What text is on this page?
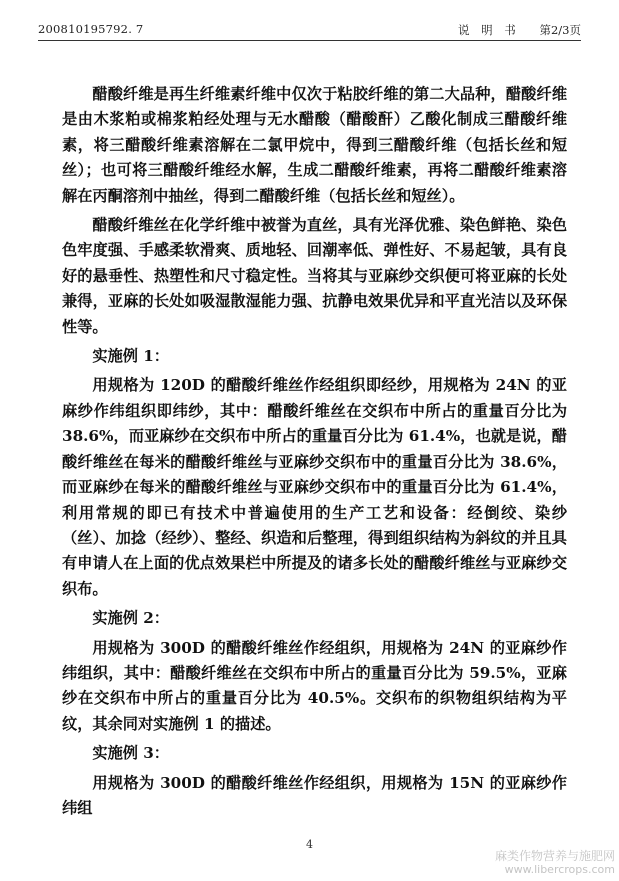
200810195792. 7	说 明 书 第2/3页

醋酸纤维是再生纤维素纤维中仅次于粘胶纤维的第二大品种，醋酸纤维是由木浆粕或棉浆粕经处理与无水醋酸（醋酸酐）乙酸化制成三醋酸纤维素，将三醋酸纤维素溶解在二氯甲烷中，得到三醋酸纤维（包括长丝和短丝）；也可将三醋酸纤维经水解，生成二醋酸纤维素，再将二醋酸纤维素溶解在丙酮溶剂中抽丝，得到二醋酸纤维（包括长丝和短丝）。

醋酸纤维丝在化学纤维中被誉为直丝，具有光泽优雅、染色鲜艳、染色色牢度强、手感柔软滑爽、质地轻、回潮率低、弹性好、不易起皱，具有良好的悬垂性、热塑性和尺寸稳定性。当将其与亚麻纱交织便可将亚麻的长处兼得，亚麻的长处如吸湿散湿能力强、抗静电效果优异和平直光洁以及环保性等。

实施例 1：

用规格为 120D 的醋酸纤维丝作经组织即经纱，用规格为 24N 的亚麻纱作纬组织即纬纱，其中：醋酸纤维丝在交织布中所占的重量百分比为 38.6%，而亚麻纱在交织布中所占的重量百分比为 61.4%，也就是说，醋酸纤维丝在每米的醋酸纤维丝与亚麻纱交织布中的重量百分比为 38.6%，而亚麻纱在每米的醋酸纤维丝与亚麻纱交织布中的重量百分比为 61.4%，利用常规的即已有技术中普遍使用的生产工艺和设备：经倒绞、染纱（丝）、加捻（经纱）、整经、织造和后整理，得到组织结构为斜纹的并且具有申请人在上面的优点效果栏中所提及的诸多长处的醋酸纤维丝与亚麻纱交织布。

实施例 2：

用规格为 300D 的醋酸纤维丝作经组织，用规格为 24N 的亚麻纱作纬组织，其中：醋酸纤维丝在交织布中所占的重量百分比为 59.5%，亚麻纱在交织布中所占的重量百分比为 40.5%。交织布的织物组织结构为平纹，其余同对实施例 1 的描述。

实施例 3：

用规格为 300D 的醋酸纤维丝作经组织，用规格为 15N 的亚麻纱作纬组

4
麻类作物营养与施肥网
www.libercrops.com
